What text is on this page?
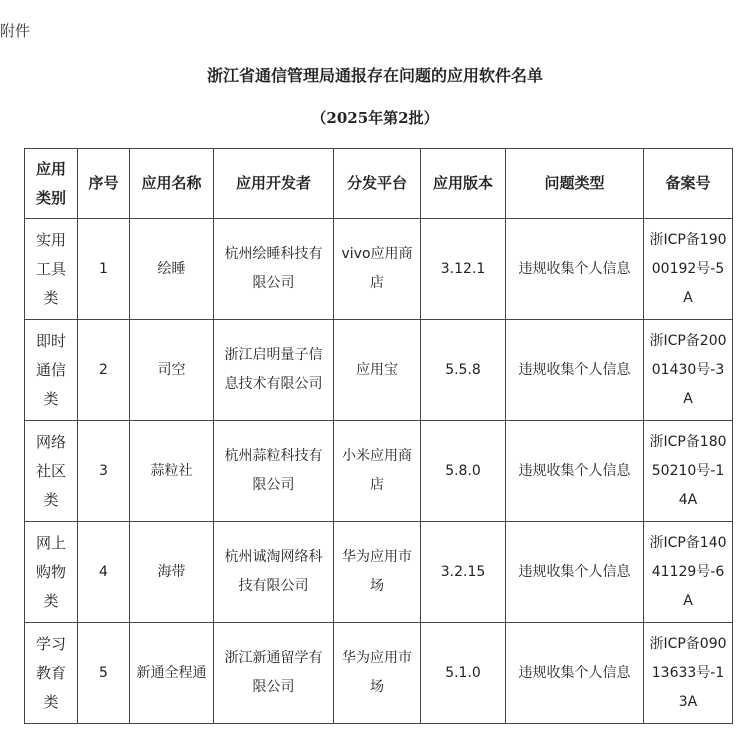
附件
浙江省通信管理局通报存在问题的应用软件名单
（2025年第2批）
应用类别	序号	应用名称	应用开发者	分发平台	应用版本	问题类型	备案号
实用工具类	1	绘睡	杭州绘睡科技有限公司	vivo应用商店	3.12.1	违规收集个人信息	浙ICP备19000192号-5A
即时通信类	2	司空	浙江启明量子信息技术有限公司	应用宝	5.5.8	违规收集个人信息	浙ICP备20001430号-3A
网络社区类	3	蒜粒社	杭州蒜粒科技有限公司	小米应用商店	5.8.0	违规收集个人信息	浙ICP备18050210号-14A
网上购物类	4	海带	杭州诚淘网络科技有限公司	华为应用市场	3.2.15	违规收集个人信息	浙ICP备14041129号-6A
学习教育类	5	新通全程通	浙江新通留学有限公司	华为应用市场	5.1.0	违规收集个人信息	浙ICP备09013633号-13A
